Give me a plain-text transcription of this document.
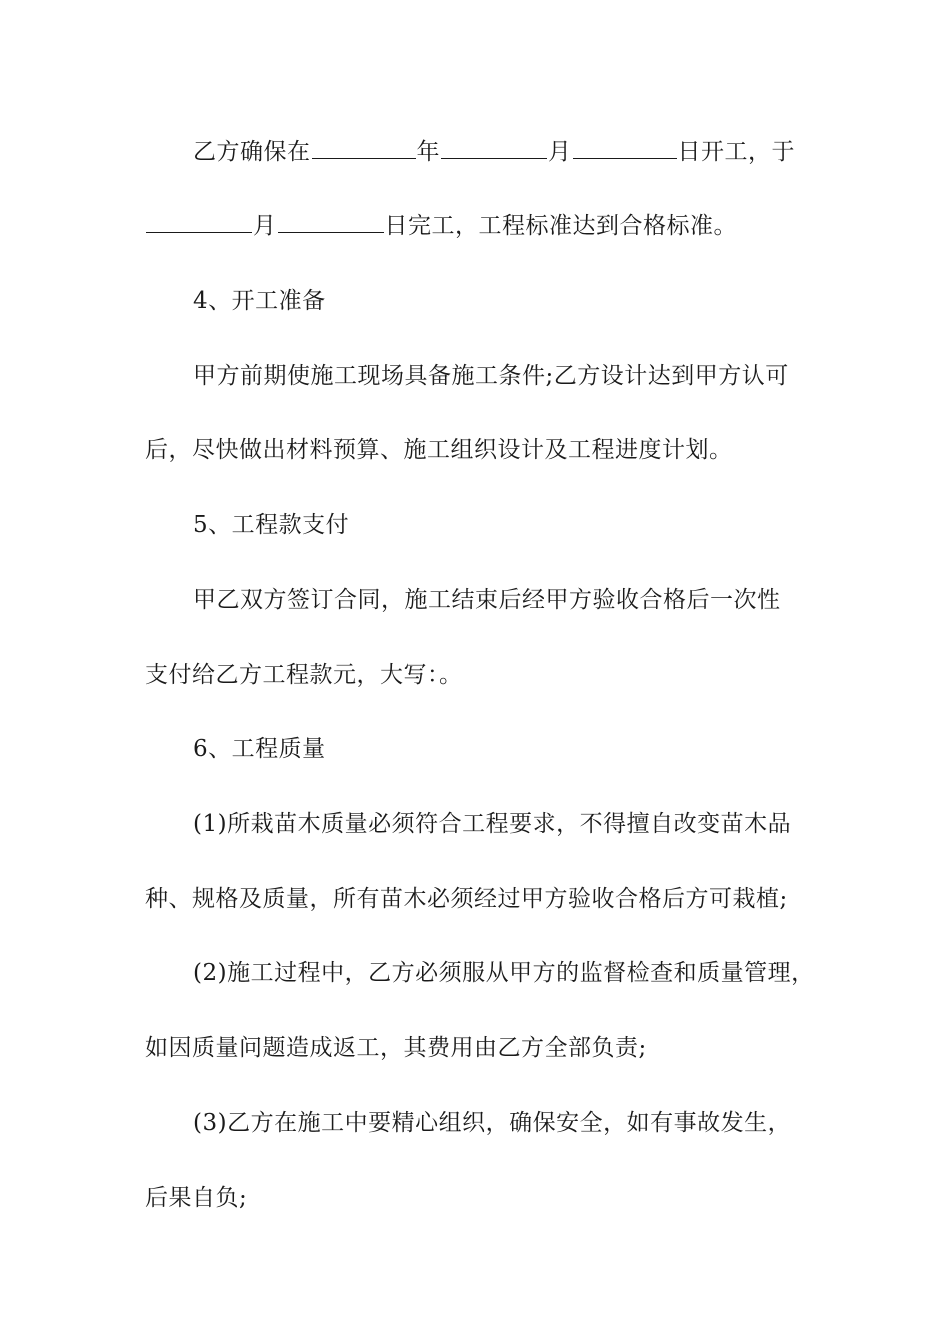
乙方确保在	年	月	日开工，于
月	日完工，工程标准达到合格标准。
4、开工准备
甲方前期使施工现场具备施工条件;乙方设计达到甲方认可
后，尽快做出材料预算、施工组织设计及工程进度计划。
5、工程款支付
甲乙双方签订合同，施工结束后经甲方验收合格后一次性
支付给乙方工程款元，大写：。
6、工程质量
(1)所栽苗木质量必须符合工程要求，不得擅自改变苗木品
种、规格及质量，所有苗木必须经过甲方验收合格后方可栽植;
(2)施工过程中，乙方必须服从甲方的监督检查和质量管理，
如因质量问题造成返工，其费用由乙方全部负责;
(3)乙方在施工中要精心组织，确保安全，如有事故发生，
后果自负;
